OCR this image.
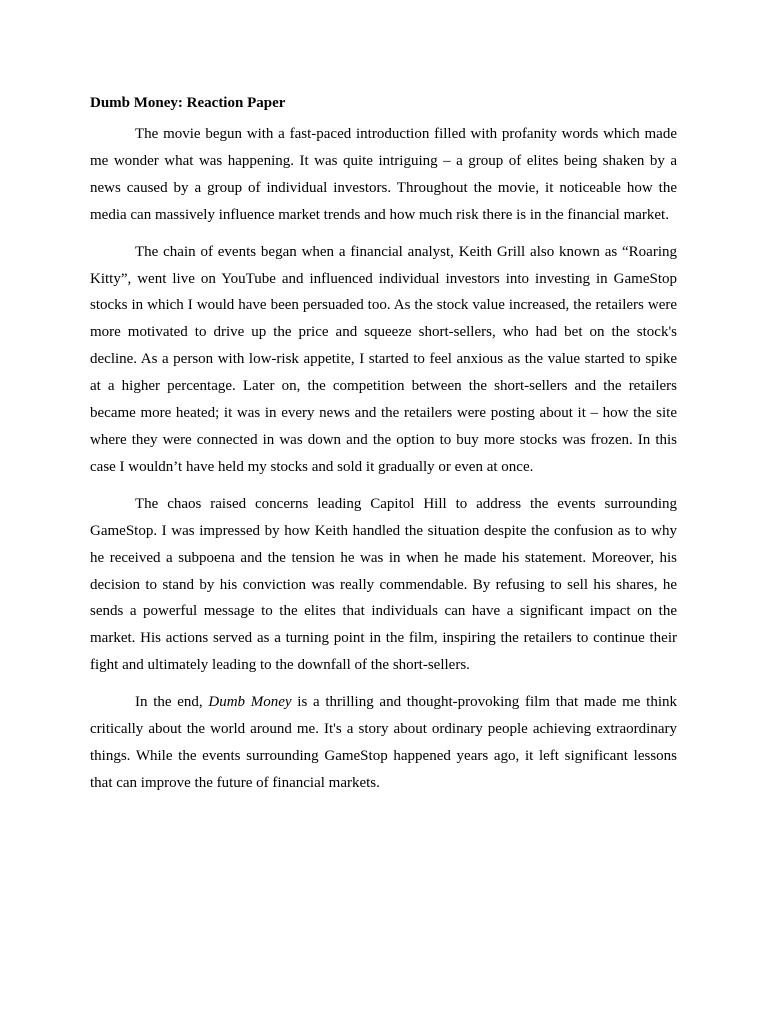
Dumb Money: Reaction Paper

The movie begun with a fast-paced introduction filled with profanity words which made me wonder what was happening. It was quite intriguing – a group of elites being shaken by a news caused by a group of individual investors. Throughout the movie, it noticeable how the media can massively influence market trends and how much risk there is in the financial market.

The chain of events began when a financial analyst, Keith Grill also known as “Roaring Kitty”, went live on YouTube and influenced individual investors into investing in GameStop stocks in which I would have been persuaded too. As the stock value increased, the retailers were more motivated to drive up the price and squeeze short-sellers, who had bet on the stock's decline. As a person with low-risk appetite, I started to feel anxious as the value started to spike at a higher percentage. Later on, the competition between the short-sellers and the retailers became more heated; it was in every news and the retailers were posting about it – how the site where they were connected in was down and the option to buy more stocks was frozen. In this case I wouldn’t have held my stocks and sold it gradually or even at once.

The chaos raised concerns leading Capitol Hill to address the events surrounding GameStop. I was impressed by how Keith handled the situation despite the confusion as to why he received a subpoena and the tension he was in when he made his statement. Moreover, his decision to stand by his conviction was really commendable. By refusing to sell his shares, he sends a powerful message to the elites that individuals can have a significant impact on the market. His actions served as a turning point in the film, inspiring the retailers to continue their fight and ultimately leading to the downfall of the short-sellers.

In the end, Dumb Money is a thrilling and thought-provoking film that made me think critically about the world around me. It's a story about ordinary people achieving extraordinary things. While the events surrounding GameStop happened years ago, it left significant lessons that can improve the future of financial markets.
